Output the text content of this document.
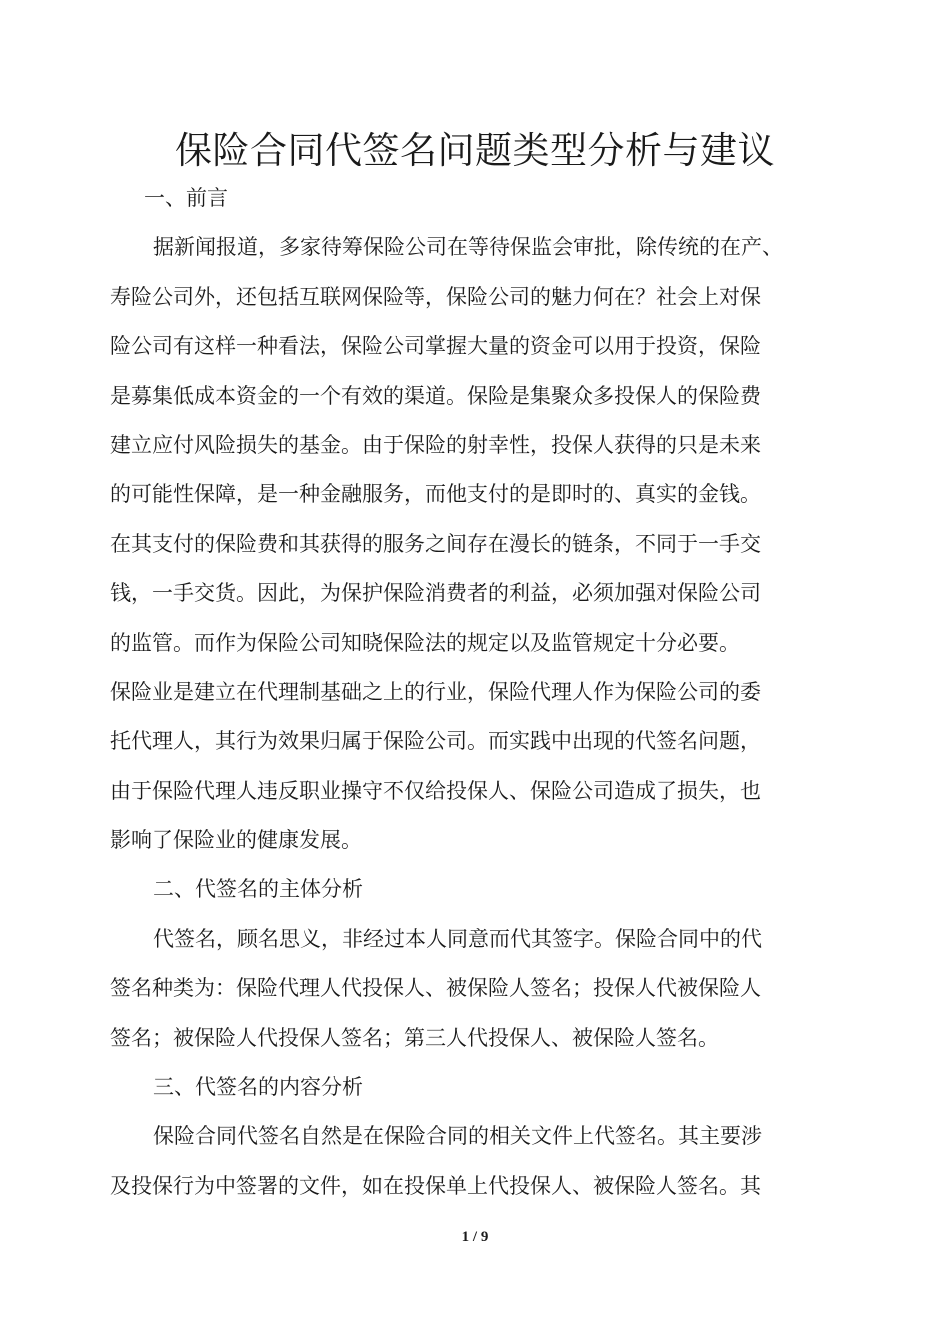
保险合同代签名问题类型分析与建议
一、前言
据新闻报道，多家待筹保险公司在等待保监会审批，除传统的在产、
寿险公司外，还包括互联网保险等，保险公司的魅力何在？社会上对保
险公司有这样一种看法，保险公司掌握大量的资金可以用于投资，保险
是募集低成本资金的一个有效的渠道。保险是集聚众多投保人的保险费
建立应付风险损失的基金。由于保险的射幸性，投保人获得的只是未来
的可能性保障，是一种金融服务，而他支付的是即时的、真实的金钱。
在其支付的保险费和其获得的服务之间存在漫长的链条，不同于一手交
钱，一手交货。因此，为保护保险消费者的利益，必须加强对保险公司
的监管。而作为保险公司知晓保险法的规定以及监管规定十分必要。
保险业是建立在代理制基础之上的行业，保险代理人作为保险公司的委
托代理人，其行为效果归属于保险公司。而实践中出现的代签名问题，
由于保险代理人违反职业操守不仅给投保人、保险公司造成了损失，也
影响了保险业的健康发展。
二、代签名的主体分析
代签名，顾名思义，非经过本人同意而代其签字。保险合同中的代
签名种类为：保险代理人代投保人、被保险人签名；投保人代被保险人
签名；被保险人代投保人签名；第三人代投保人、被保险人签名。
三、代签名的内容分析
保险合同代签名自然是在保险合同的相关文件上代签名。其主要涉
及投保行为中签署的文件，如在投保单上代投保人、被保险人签名。其
1 / 9
